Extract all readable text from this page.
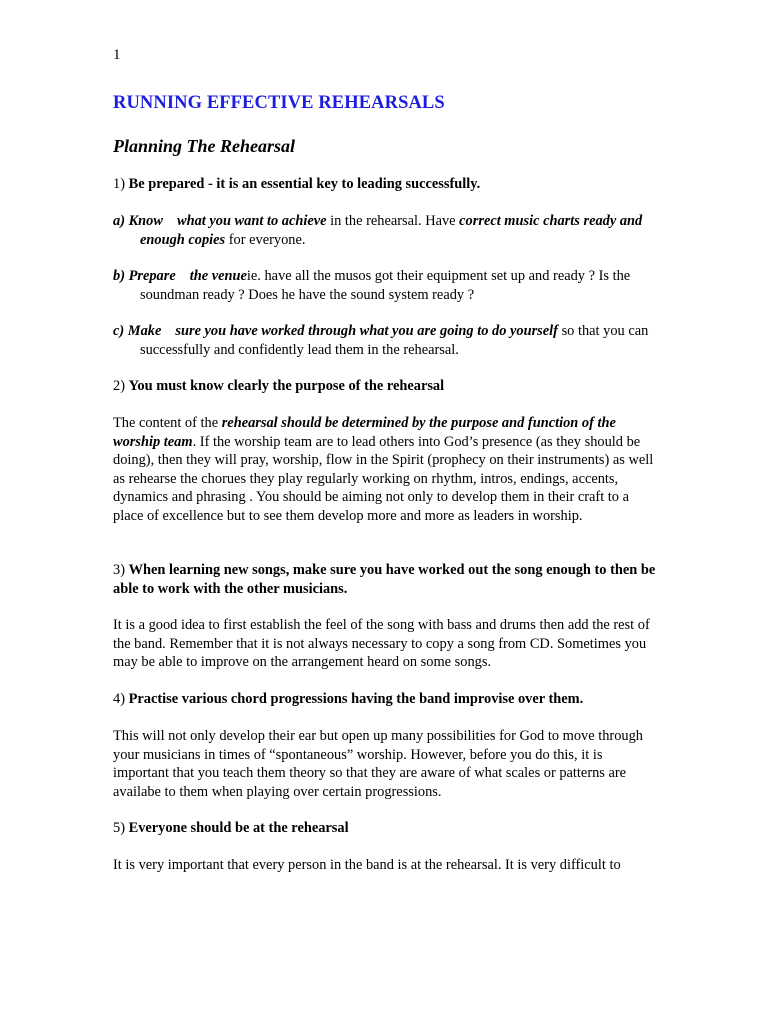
1
RUNNING EFFECTIVE REHEARSALS
Planning The Rehearsal
1) Be prepared - it is an essential key to leading successfully.
a) Know what you want to achieve in the rehearsal. Have correct music charts ready and enough copies for everyone.
b) Prepare the venueie. have all the musos got their equipment set up and ready ? Is the soundman ready ? Does he have the sound system ready ?
c) Make sure you have worked through what you are going to do yourself so that you can successfully and confidently lead them in the rehearsal.
2) You must know clearly the purpose of the rehearsal
The content of the rehearsal should be determined by the purpose and function of the worship team. If the worship team are to lead others into God’s presence (as they should be doing), then they will pray, worship, flow in the Spirit (prophecy on their instruments) as well as rehearse the chorues they play regularly working on rhythm, intros, endings, accents, dynamics and phrasing . You should be aiming not only to develop them in their craft to a place of excellence but to see them develop more and more as leaders in worship.
3) When learning new songs, make sure you have worked out the song enough to then be able to work with the other musicians.
It is a good idea to first establish the feel of the song with bass and drums then add the rest of the band. Remember that it is not always necessary to copy a song from CD. Sometimes you may be able to improve on the arrangement heard on some songs.
4) Practise various chord progressions having the band improvise over them.
This will not only develop their ear but open up many possibilities for God to move through your musicians in times of “spontaneous” worship. However, before you do this, it is important that you teach them theory so that they are aware of what scales or patterns are availabe to them when playing over certain progressions.
5) Everyone should be at the rehearsal
It is very important that every person in the band is at the rehearsal. It is very difficult to
